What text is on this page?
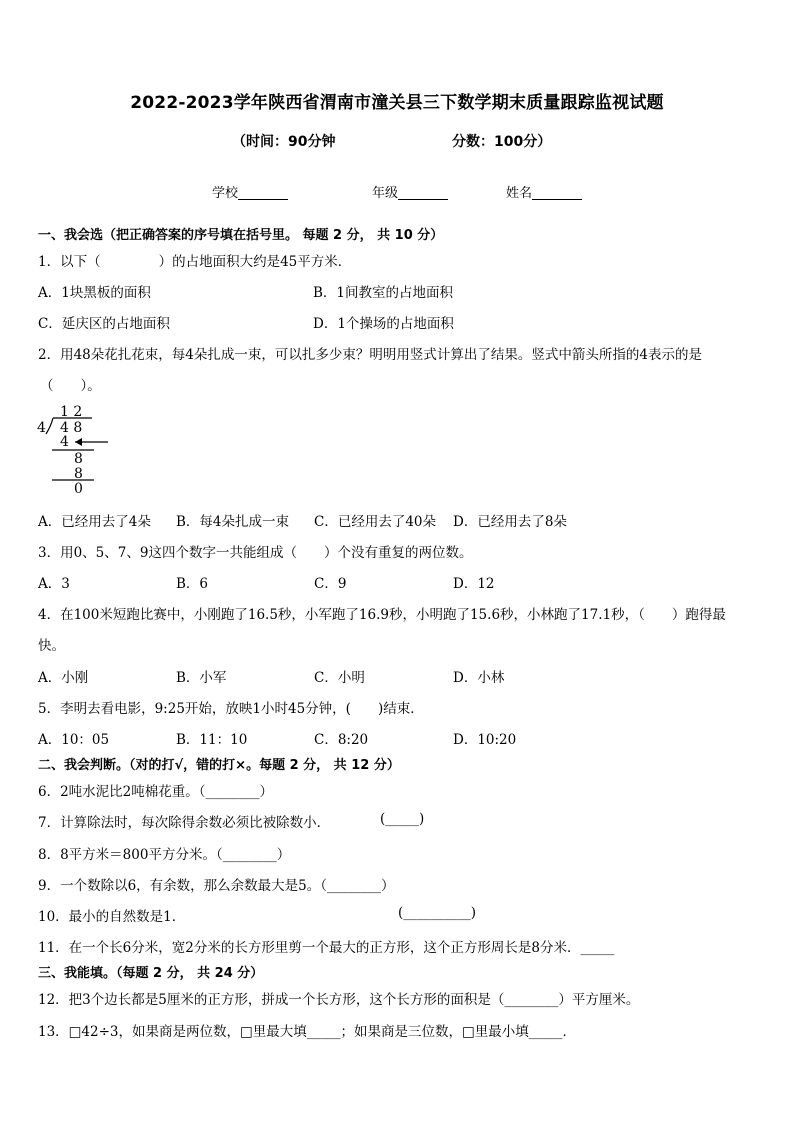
2022-2023学年陕西省渭南市潼关县三下数学期末质量跟踪监视试题
（时间：90分钟	分数：100分）
学校	年级	姓名
一、我会选（把正确答案的序号填在括号里。 每题 2 分， 共 10 分）
1．以下（	）的占地面积大约是45平方米．
A．1块黑板的面积	B．1间教室的占地面积
C．延庆区的占地面积	D．1个操场的占地面积
2．用48朵花扎花束，每4朵扎成一束，可以扎多少束？明明用竖式计算出了结果。竖式中箭头所指的4表示的是
（　　）。
1 2
4 4 8
4
8
8
0
A．已经用去了4朵 B．每4朵扎成一束 C．已经用去了40朵 D．已经用去了8朵
3．用0、5、7、9这四个数字一共能组成（　　）个没有重复的两位数。
A．3	B．6	C．9	D．12
4．在100米短跑比赛中，小刚跑了16.5秒，小军跑了16.9秒，小明跑了15.6秒，小林跑了17.1秒，（　　）跑得最
快。
A．小刚	B．小军	C．小明	D．小林
5．李明去看电影，9:25开始，放映1小时45分钟，(　　)结束．
A．10：05	B．11：10	C．8:20	D．10:20
二、我会判断。（对的打√，错的打×。每题 2 分， 共 12 分）
6．2吨水泥比2吨棉花重。（________）
7．计算除法时，每次除得余数必须比被除数小．	(_____)
8．8平方米＝800平方分米。（________）
9．一个数除以6，有余数，那么余数最大是5。（________）
10．最小的自然数是1．	(__________)
11．在一个长6分米，宽2分米的长方形里剪一个最大的正方形，这个正方形周长是8分米．_____
三、我能填。（每题 2 分， 共 24 分）
12．把3个边长都是5厘米的正方形，拼成一个长方形，这个长方形的面积是（________）平方厘米。
13．□42÷3，如果商是两位数，□里最大填_____；如果商是三位数，□里最小填_____．
